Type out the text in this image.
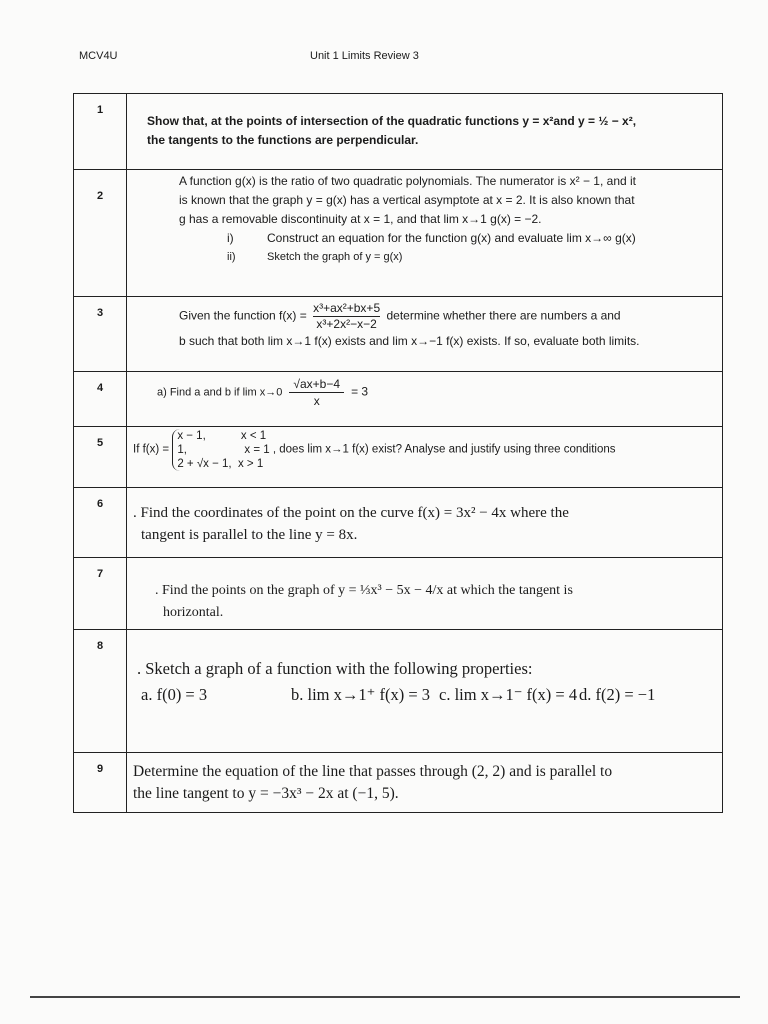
MCV4U	Unit 1 Limits Review 3
1	Show that, at the points of intersection of the quadratic functions y = x²and y = ½ − x²,
the tangents to the functions are perpendicular.

2	A function g(x) is the ratio of two quadratic polynomials. The numerator is x² − 1, and it
is known that the graph y = g(x) has a vertical asymptote at x = 2. It is also known that
g has a removable discontinuity at x = 1, and that lim x→1 g(x) = −2.
i) Construct an equation for the function g(x) and evaluate lim x→∞ g(x)
ii) Sketch the graph of y = g(x)

3	Given the function $f(x) = \frac{\text{x³+ax²+bx+5}}{\text{x³+2x²−x−2}}$ determine whether there are numbers a and
b such that both lim x→1 f(x) exists and lim x→−1 f(x) exists. If so, evaluate both limits.

4	a) Find a and b if $\lim x\to 0 \frac{√ax+b-4}{x} = 3$

5	If f(x) =
x − 1,           x < 1
1,                  x = 1
2 + √x − 1,  x > 1
, does lim x→1 f(x) exist? Analyse and justify using three conditions

6	. Find the coordinates of the point on the curve f(x) = 3x² − 4x where the
tangent is parallel to the line y = 8x.

7	. Find the points on the graph of y = ⅓x³ − 5x − 4/x at which the tangent is
horizontal.

8	. Sketch a graph of a function with the following properties:
a. f(0) = 3 b. lim x→1⁺ f(x) = 3 c. lim x→1⁻ f(x) = 4 d. f(2) = −1

9	Determine the equation of the line that passes through (2, 2) and is parallel to
the line tangent to y = −3x³ − 2x at (−1, 5).
